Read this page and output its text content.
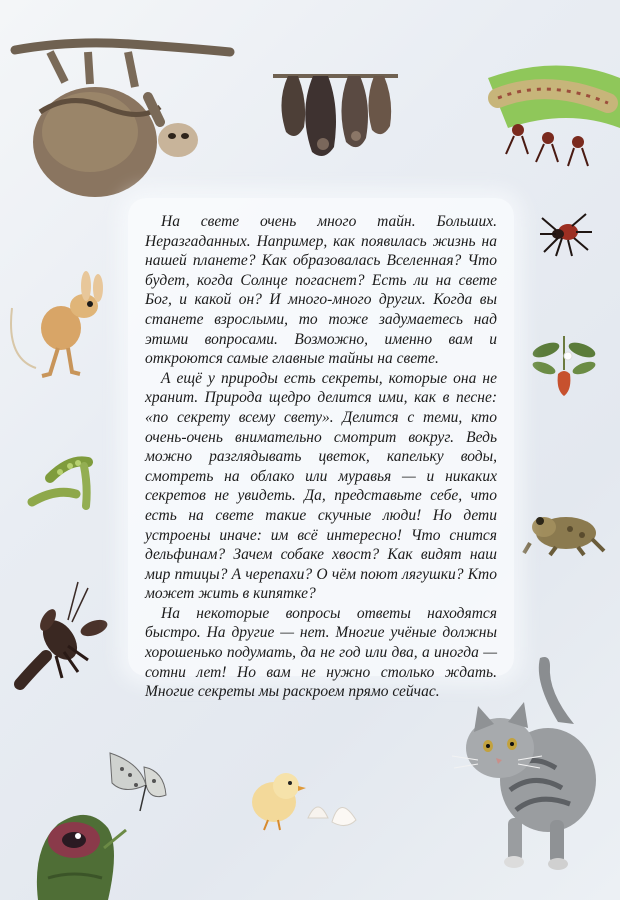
На свете очень много тайн. Больших. Неразгаданных. Например, как появилась жизнь на нашей планете? Как образовалась Вселенная? Что будет, когда Солнце погаснет? Есть ли на свете Бог, и какой он? И много-много других. Когда вы станете взрослыми, то тоже задумаетесь над этими вопросами. Возможно, именно вам и откроются самые главные тайны на свете.

А ещё у природы есть секреты, которые она не хранит. Природа щедро делится ими, как в песне: «по секрету всему свету». Делится с теми, кто очень-очень внимательно смотрит вокруг. Ведь можно разглядывать цветок, капельку воды, смотреть на облако или муравья — и никаких секретов не увидеть. Да, представьте себе, что есть на свете такие скучные люди! Но дети устроены иначе: им всё интересно! Что снится дельфинам? Зачем собаке хвост? Как видят наш мир птицы? А черепахи? О чём поют лягушки? Кто может жить в кипятке?

На некоторые вопросы ответы находятся быстро. На другие — нет. Многие учёные должны хорошенько подумать, да не год или два, а иногда — сотни лет! Но вам не нужно столько ждать. Многие секреты мы раскроем прямо сейчас.
